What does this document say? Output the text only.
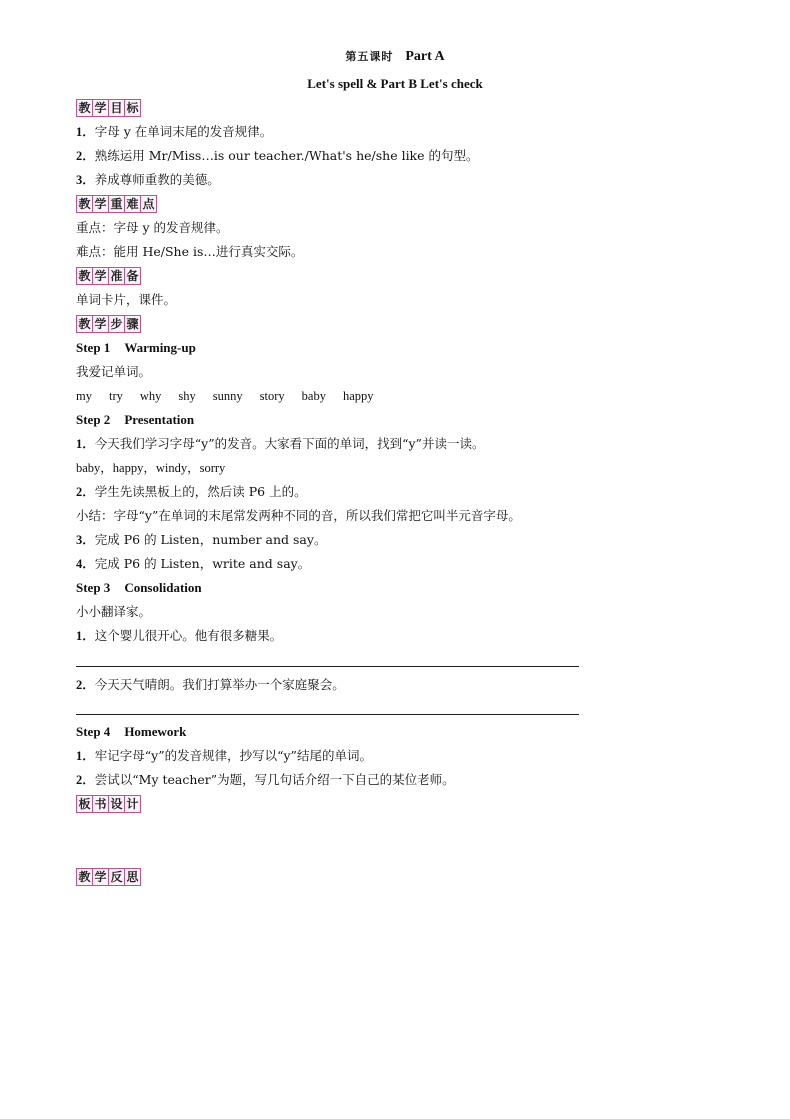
第五课时 Part A
Let's spell & Part B Let's check
教 学 目 标
1．字母 y 在单词末尾的发音规律。
2．熟练运用 Mr/Miss…is our teacher./What's he/she like 的句型。
3．养成尊师重教的美德。
教 学 重 难 点
重点：字母 y 的发音规律。
难点：能用 He/She is…进行真实交际。
教 学 准 备
单词卡片，课件。
教 学 步 骤
Step 1 Warming-up
我爱记单词。
my try why shy sunny story baby happy
Step 2 Presentation
1．今天我们学习字母“y”的发音。大家看下面的单词，找到“y”并读一读。
baby，happy，windy，sorry
2．学生先读黑板上的，然后读 P6 上的。
小结：字母“y”在单词的末尾常发两种不同的音，所以我们常把它叫半元音字母。
3．完成 P6 的 Listen，number and say。
4．完成 P6 的 Listen，write and say。
Step 3 Consolidation
小小翻译家。
1．这个婴儿很开心。他有很多糖果。
2．今天天气晴朗。我们打算举办一个家庭聚会。
Step 4 Homework
1．牢记字母“y”的发音规律，抄写以“y”结尾的单词。
2．尝试以“My teacher”为题，写几句话介绍一下自己的某位老师。
板 书 设 计
教 学 反 思
